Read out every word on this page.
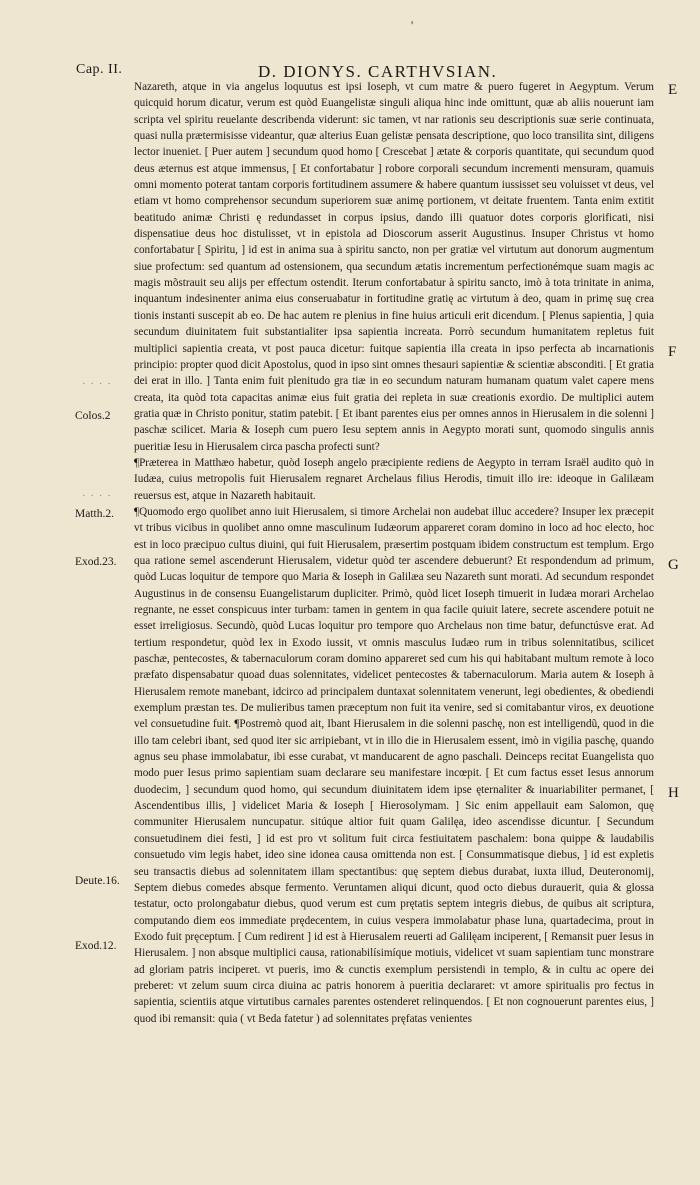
'
Cap. II.	D. DIONYS. CARTHVSIAN.
E
F
G
H
· · · ·
Colos.2
· · · ·
Matth.2.
Exod.23.
Deute.16.
Exod.12.

Nazareth, atque in via angelus loquutus est ipsi Ioseph, vt cum matre & puero fugeret in Aegyptum. Verum quicquid horum dicatur, verum est quòd Euangelistæ singuli aliqua hinc inde omittunt, quæ ab aliis nouerunt iam scripta vel spiritu reuelante describenda viderunt: sic tamen, vt nar rationis seu descriptionis suæ serie continuata, quasi nulla prætermisisse videantur, quæ alterius Euan gelistæ pensata descriptione, quo loco transilita sint, diligens lector inueniet. [ Puer autem ] secundum quod homo [ Crescebat ] ætate & corporis quantitate, qui secundum quod deus æternus est atque immensus, [ Et confortabatur ] robore corporali secundum incrementi mensuram, quamuis omni momento poterat tantam corporis fortitudinem assumere & habere quantum iussisset seu voluisset vt deus, vel etiam vt homo comprehensor secundum superiorem suæ animę portionem, vt deitate fruentem. Tanta enim extitit beatitudo animæ Christi ę redundasset in corpus ipsius, dando illi quatuor dotes corporis glorificati, nisi dispensatiue deus hoc distulisset, vt in epistola ad Dioscorum asserit Augustinus. Insuper Christus vt homo confortabatur [ Spiritu, ] id est in anima sua à spiritu sancto, non per gratiæ vel virtutum aut donorum augmentum siue profectum: sed quantum ad ostensionem, qua secundum ætatis incrementum perfectionémque suam magis ac magis mõstrauit seu alijs per effectum ostendit. Iterum confortabatur à spiritu sancto, imò à tota trinitate in anima, inquantum indesinenter anima eius conseruabatur in fortitudine gratię ac virtutum à deo, quam in primę suę crea tionis instanti suscepit ab eo. De hac autem re plenius in fine huius articuli erit dicendum. [ Plenus sapientia, ] quia secundum diuinitatem fuit substantialiter ipsa sapientia increata. Porrò secundum humanitatem repletus fuit multiplici sapientia creata, vt post pauca dicetur: fuitque sapientia illa creata in ipso perfecta ab incarnationis principio: propter quod dicit Apostolus, quod in ipso sint omnes thesauri sapientiæ & scientiæ absconditi. [ Et gratia dei erat in illo. ] Tanta enim fuit plenitudo gra tiæ in eo secundum naturam humanam quatum valet capere mens creata, ita quòd tota capacitas animæ eius fuit gratia dei repleta in suæ creationis exordio. De multiplici autem gratia quæ in Christo ponitur, statim patebit. [ Et ibant parentes eius per omnes annos in Hierusalem in die solenni ] paschæ scilicet. Maria & Ioseph cum puero Iesu septem annis in Aegypto morati sunt, quomodo singulis annis pueritiæ Iesu in Hierusalem circa pascha profecti sunt?

¶Præterea in Matthæo habetur, quòd Ioseph angelo præcipiente rediens de Aegypto in terram Israël audito quò in Iudæa, cuius metropolis fuit Hierusalem regnaret Archelaus filius Herodis, timuit illo ire: ideoque in Galilæam reuersus est, atque in Nazareth habitauit.

¶Quomodo ergo quolibet anno iuit Hierusalem, si timore Archelai non audebat illuc accedere? Insuper lex præcepit vt tribus vicibus in quolibet anno omne masculinum Iudæorum appareret coram domino in loco ad hoc electo, hoc est in loco præcipuo cultus diuini, qui fuit Hierusalem, præsertim postquam ibidem constructum est templum. Ergo qua ratione semel ascenderunt Hierusalem, videtur quòd ter ascendere debuerunt? Et respondendum ad primum, quòd Lucas loquitur de tempore quo Maria & Ioseph in Galilæa seu Nazareth sunt morati. Ad secundum respondet Augustinus in de consensu Euangelistarum dupliciter. Primò, quòd licet Ioseph timuerit in Iudæa morari Archelao regnante, ne esset conspicuus inter turbam: tamen in gentem in qua facile quiuit latere, secrete ascendere potuit ne esset irreligiosus. Secundò, quòd Lucas loquitur pro tempore quo Archelaus non time batur, defunctúsve erat. Ad tertium respondetur, quòd lex in Exodo iussit, vt omnis masculus Iudæo rum in tribus solennitatibus, scilicet paschæ, pentecostes, & tabernaculorum coram domino appareret sed cum his qui habitabant multum remote à loco præfato dispensabatur quoad duas solennitates, videlicet pentecostes & tabernaculorum. Maria autem & Ioseph à Hierusalem remote manebant, idcirco ad principalem duntaxat solennitatem venerunt, legi obedientes, & obediendi exemplum præstan tes. De mulieribus tamen præceptum non fuit ita venire, sed si comitabantur viros, ex deuotione vel consuetudine fuit. ¶Postremò quod ait, Ibant Hierusalem in die solenni paschę, non est intelligendũ, quod in die illo tam celebri ibant, sed quod iter sic arripiebant, vt in illo die in Hierusalem essent, imò in vigilia paschę, quando agnus seu phase immolabatur, ibi esse curabat, vt manducarent de agno paschali. Deinceps recitat Euangelista quo modo puer Iesus primo sapientiam suam declarare seu manifestare incœpit. [ Et cum factus esset Iesus annorum duodecim, ] secundum quod homo, qui secundum diuinitatem idem ipse ęternaliter & inuariabiliter permanet, [ Ascendentibus illis, ] videlicet Maria & Ioseph [ Hierosolymam. ] Sic enim appellauit eam Salomon, quę communiter Hierusalem nuncupatur. sitúque altior fuit quam Galilęa, ideo ascendisse dicuntur. [ Secundum consuetudinem diei festi, ] id est pro vt solitum fuit circa festiuitatem paschalem: bona quippe & laudabilis consuetudo vim legis habet, ideo sine idonea causa omittenda non est. [ Consummatisque diebus, ] id est expletis seu transactis diebus ad solennitatem illam spectantibus: quę septem diebus durabat, iuxta illud, Deuteronomij, Septem diebus comedes absque fermento. Veruntamen aliqui dicunt, quod octo diebus durauerit, quia & glossa testatur, octo prolongabatur diebus, quod verum est cum prętatis septem integris diebus, de quibus ait scriptura, computando diem eos immediate prędecentem, in cuius vespera immolabatur phase luna, quartadecima, prout in Exodo fuit pręceptum. [ Cum redirent ] id est à Hierusalem reuerti ad Galilęam inciperent, [ Remansit puer Iesus in Hierusalem. ] non absque multiplici causa, rationabilísimíque motiuis, videlicet vt suam sapientiam tunc monstrare ad gloriam patris inciperet. vt pueris, imo & cunctis exemplum persistendi in templo, & in cultu ac opere dei preberet: vt zelum suum circa diuina ac patris honorem à pueritia declararet: vt amore spiritualis pro fectus in sapientia, scientiis atque virtutibus carnales parentes ostenderet relinquendos. [ Et non cognouerunt parentes eius, ] quod ibi remansit: quia ( vt Beda fatetur ) ad solennitates pręfatas venientes
